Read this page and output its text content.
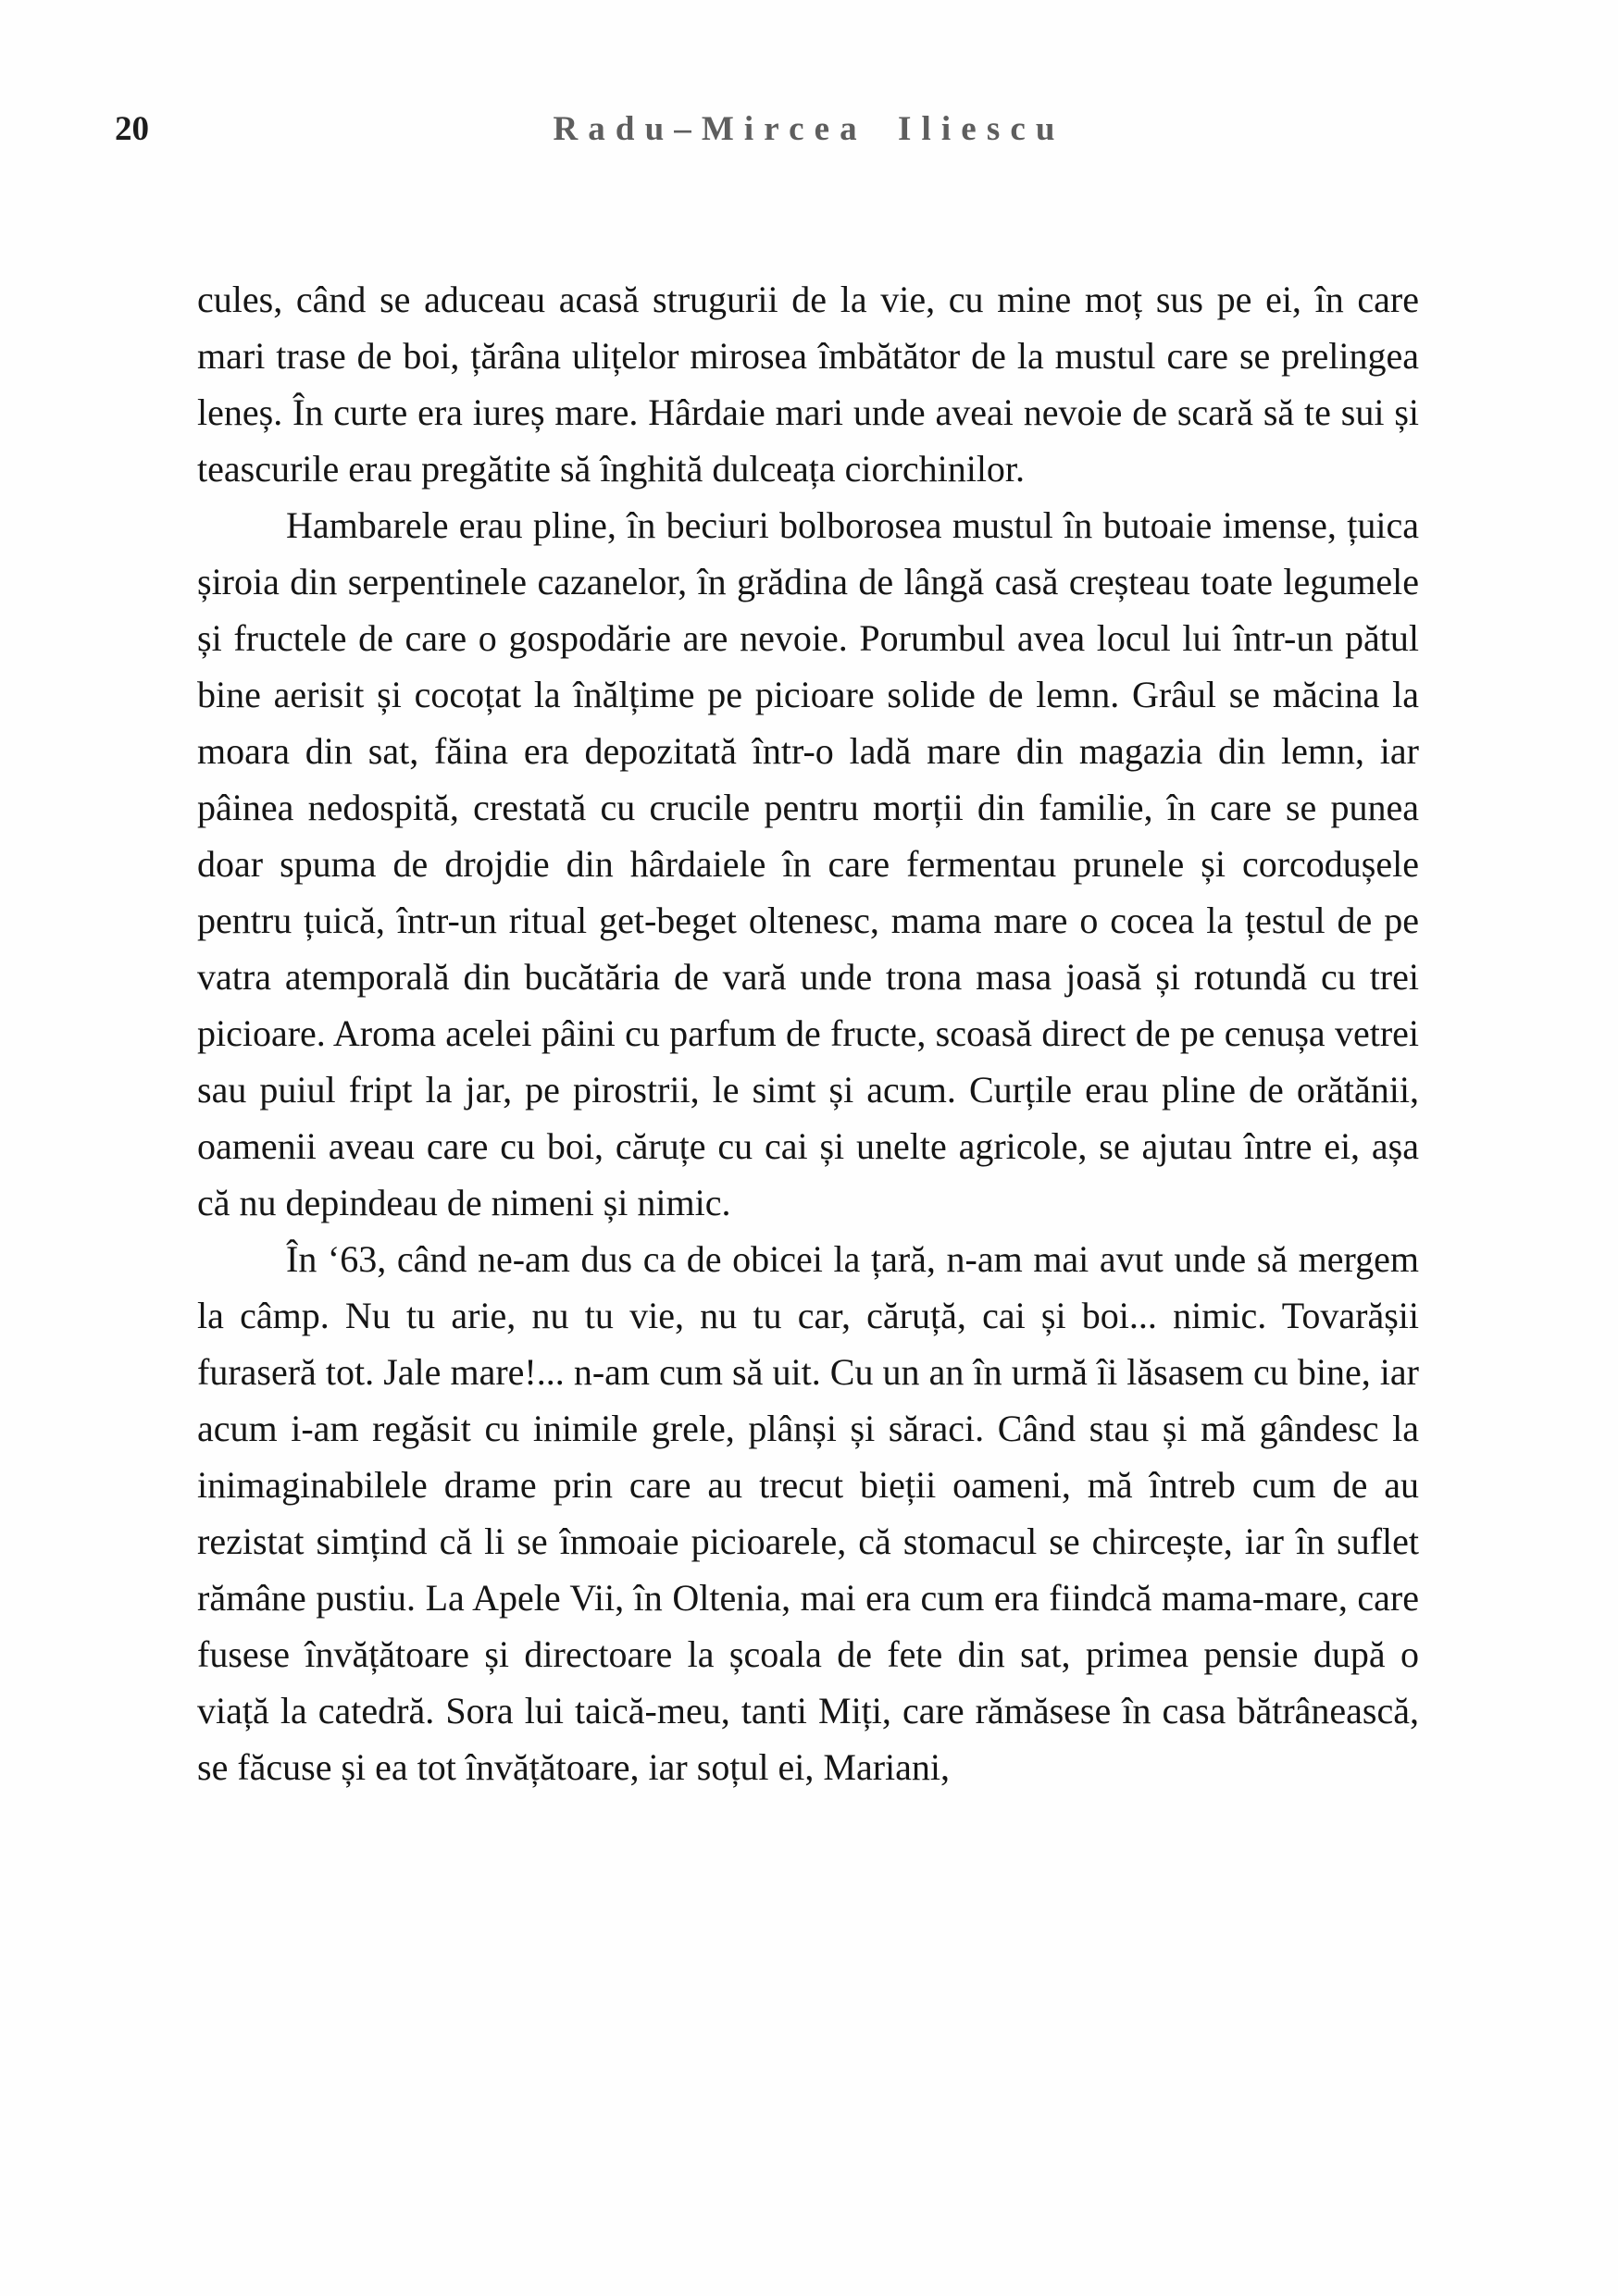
20	Radu–Mircea Iliescu

cules, când se aduceau acasă strugurii de la vie, cu mine moț sus pe ei, în care mari trase de boi, țărâna ulițelor mirosea îmbătător de la mustul care se prelingea leneș. În curte era iureș mare. Hârdaie mari unde aveai nevoie de scară să te sui și teascurile erau pregătite să înghită dulceața ciorchinilor.

Hambarele erau pline, în beciuri bolborosea mustul în butoaie imense, țuica șiroia din serpentinele cazanelor, în grădina de lângă casă creșteau toate legumele și fructele de care o gospodărie are nevoie. Porumbul avea locul lui într-un pătul bine aerisit și cocoțat la înălțime pe picioare solide de lemn. Grâul se măcina la moara din sat, făina era depozitată într-o ladă mare din magazia din lemn, iar pâinea nedospită, crestată cu crucile pentru morții din familie, în care se punea doar spuma de drojdie din hârdaiele în care fermentau prunele și corcodușele pentru țuică, într-un ritual get-beget oltenesc, mama mare o cocea la țestul de pe vatra atemporală din bucătăria de vară unde trona masa joasă și rotundă cu trei picioare. Aroma acelei pâini cu parfum de fructe, scoasă direct de pe cenușa vetrei sau puiul fript la jar, pe pirostrii, le simt și acum. Curțile erau pline de orătănii, oamenii aveau care cu boi, căruțe cu cai și unelte agricole, se ajutau între ei, așa că nu depindeau de nimeni și nimic.

În ‘63, când ne-am dus ca de obicei la țară, n-am mai avut unde să mergem la câmp. Nu tu arie, nu tu vie, nu tu car, căruță, cai și boi... nimic. Tovarășii furaseră tot. Jale mare!... n-am cum să uit. Cu un an în urmă îi lăsasem cu bine, iar acum i-am regăsit cu inimile grele, plânși și săraci. Când stau și mă gândesc la inimaginabilele drame prin care au trecut bieții oameni, mă întreb cum de au rezistat simțind că li se înmoaie picioarele, că stomacul se chircește, iar în suflet rămâne pustiu. La Apele Vii, în Oltenia, mai era cum era fiindcă mama-mare, care fusese învățătoare și directoare la școala de fete din sat, primea pensie după o viață la catedră. Sora lui taică-meu, tanti Miți, care rămăsese în casa bătrânească, se făcuse și ea tot învățătoare, iar soțul ei, Mariani,
